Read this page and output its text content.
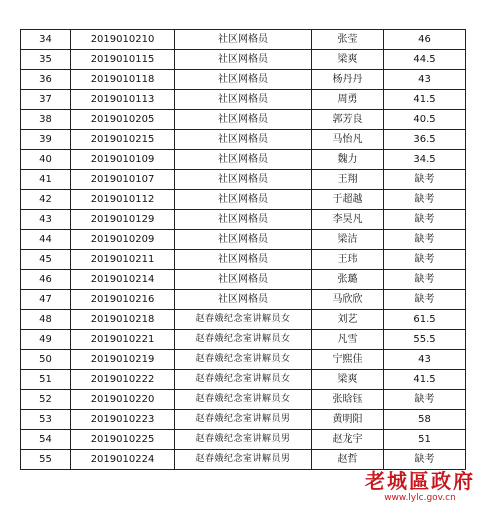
34	2019010210	社区网格员	张莹	46
35	2019010115	社区网格员	梁爽	44.5
36	2019010118	社区网格员	杨丹丹	43
37	2019010113	社区网格员	周勇	41.5
38	2019010205	社区网格员	郭芳良	40.5
39	2019010215	社区网格员	马怡凡	36.5
40	2019010109	社区网格员	魏力	34.5
41	2019010107	社区网格员	王翔	缺考
42	2019010112	社区网格员	于超越	缺考
43	2019010129	社区网格员	李昊凡	缺考
44	2019010209	社区网格员	梁洁	缺考
45	2019010211	社区网格员	王玮	缺考
46	2019010214	社区网格员	张璐	缺考
47	2019010216	社区网格员	马欣欣	缺考
48	2019010218	赵春娥纪念室讲解员女	刘艺	61.5
49	2019010221	赵春娥纪念室讲解员女	凡雪	55.5
50	2019010219	赵春娥纪念室讲解员女	宁熙佳	43
51	2019010222	赵春娥纪念室讲解员女	梁爽	41.5
52	2019010220	赵春娥纪念室讲解员女	张晗钰	缺考
53	2019010223	赵春娥纪念室讲解员男	黄明阳	58
54	2019010225	赵春娥纪念室讲解员男	赵龙宇	51
55	2019010224	赵春娥纪念室讲解员男	赵哲	缺考
老城區政府
www.lylc.gov.cn
